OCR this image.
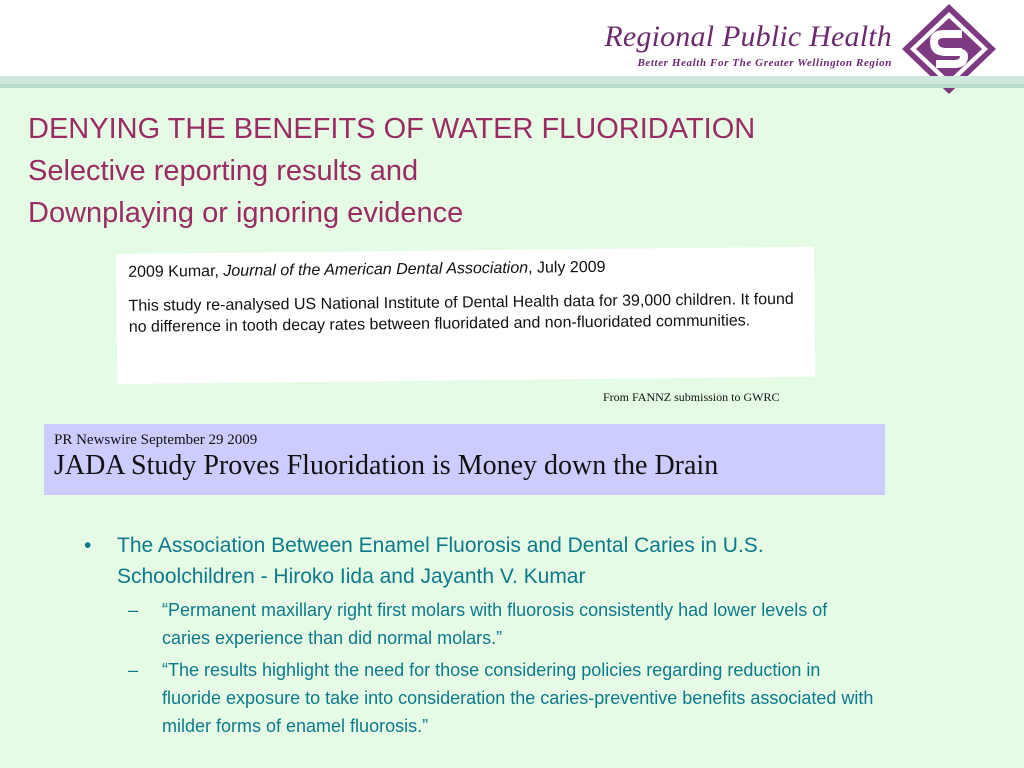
Regional Public Health
Better Health For The Greater Wellington Region
DENYING THE BENEFITS OF WATER FLUORIDATION
Selective reporting results and
Downplaying or ignoring evidence
2009 Kumar, Journal of the American Dental Association, July 2009
This study re-analysed US National Institute of Dental Health data for 39,000 children. It found no difference in tooth decay rates between fluoridated and non-fluoridated communities.
From FANNZ submission to GWRC
PR Newswire September 29 2009
JADA Study Proves Fluoridation is Money down the Drain
• The Association Between Enamel Fluorosis and Dental Caries in U.S. Schoolchildren - Hiroko Iida and Jayanth V. Kumar
– “Permanent maxillary right first molars with fluorosis consistently had lower levels of caries experience than did normal molars.”
– “The results highlight the need for those considering policies regarding reduction in fluoride exposure to take into consideration the caries-preventive benefits associated with milder forms of enamel fluorosis.”
